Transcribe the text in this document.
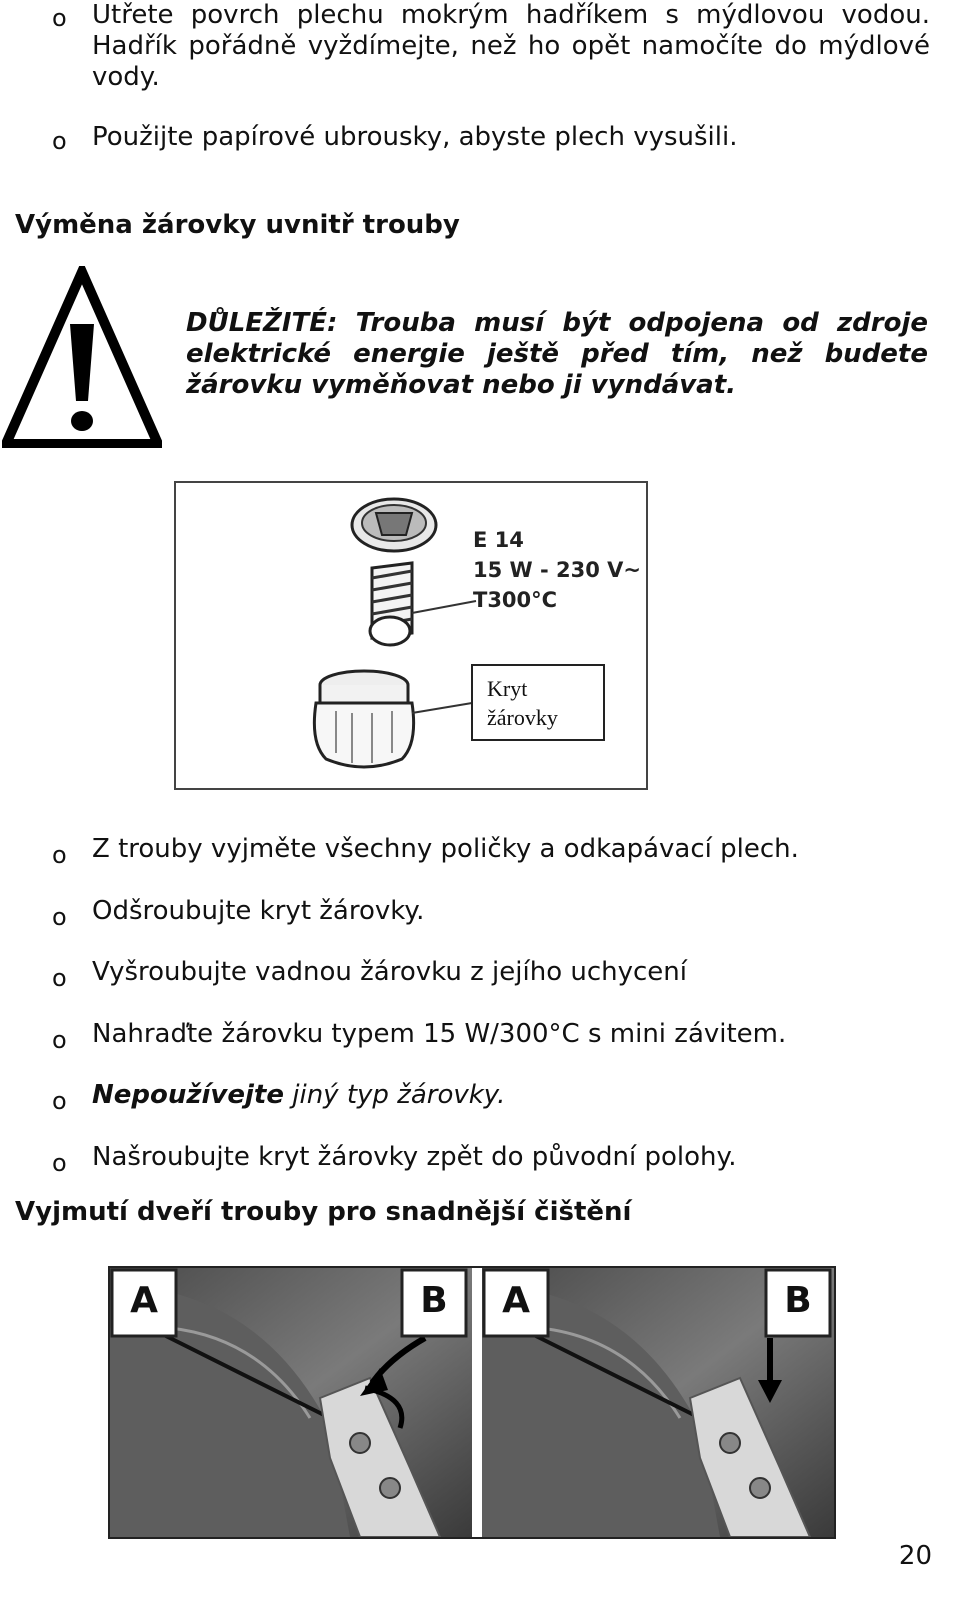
o Utřete povrch plechu mokrým hadříkem s mýdlovou vodou.
Hadřík pořádně vyždímejte, než ho opět namočíte do mýdlové
vody.
o Použijte papírové ubrousky, abyste plech vysušili.
Výměna žárovky uvnitř trouby
DŮLEŽITÉ: Trouba musí být odpojena od zdroje
elektrické energie ještě před tím, než budete
žárovku vyměňovat nebo ji vyndávat.
E 14
15 W - 230 V~
T300°C
Kryt
žárovky
o Z trouby vyjměte všechny poličky a odkapávací plech.
o Odšroubujte kryt žárovky.
o Vyšroubujte vadnou žárovku z jejího uchycení
o Nahraďte žárovku typem 15 W/300°C s mini závitem.
o Nepoužívejte jiný typ žárovky.
o Našroubujte kryt žárovky zpět do původní polohy.
Vyjmutí dveří trouby pro snadnější čištění
A	B	A	B
20
